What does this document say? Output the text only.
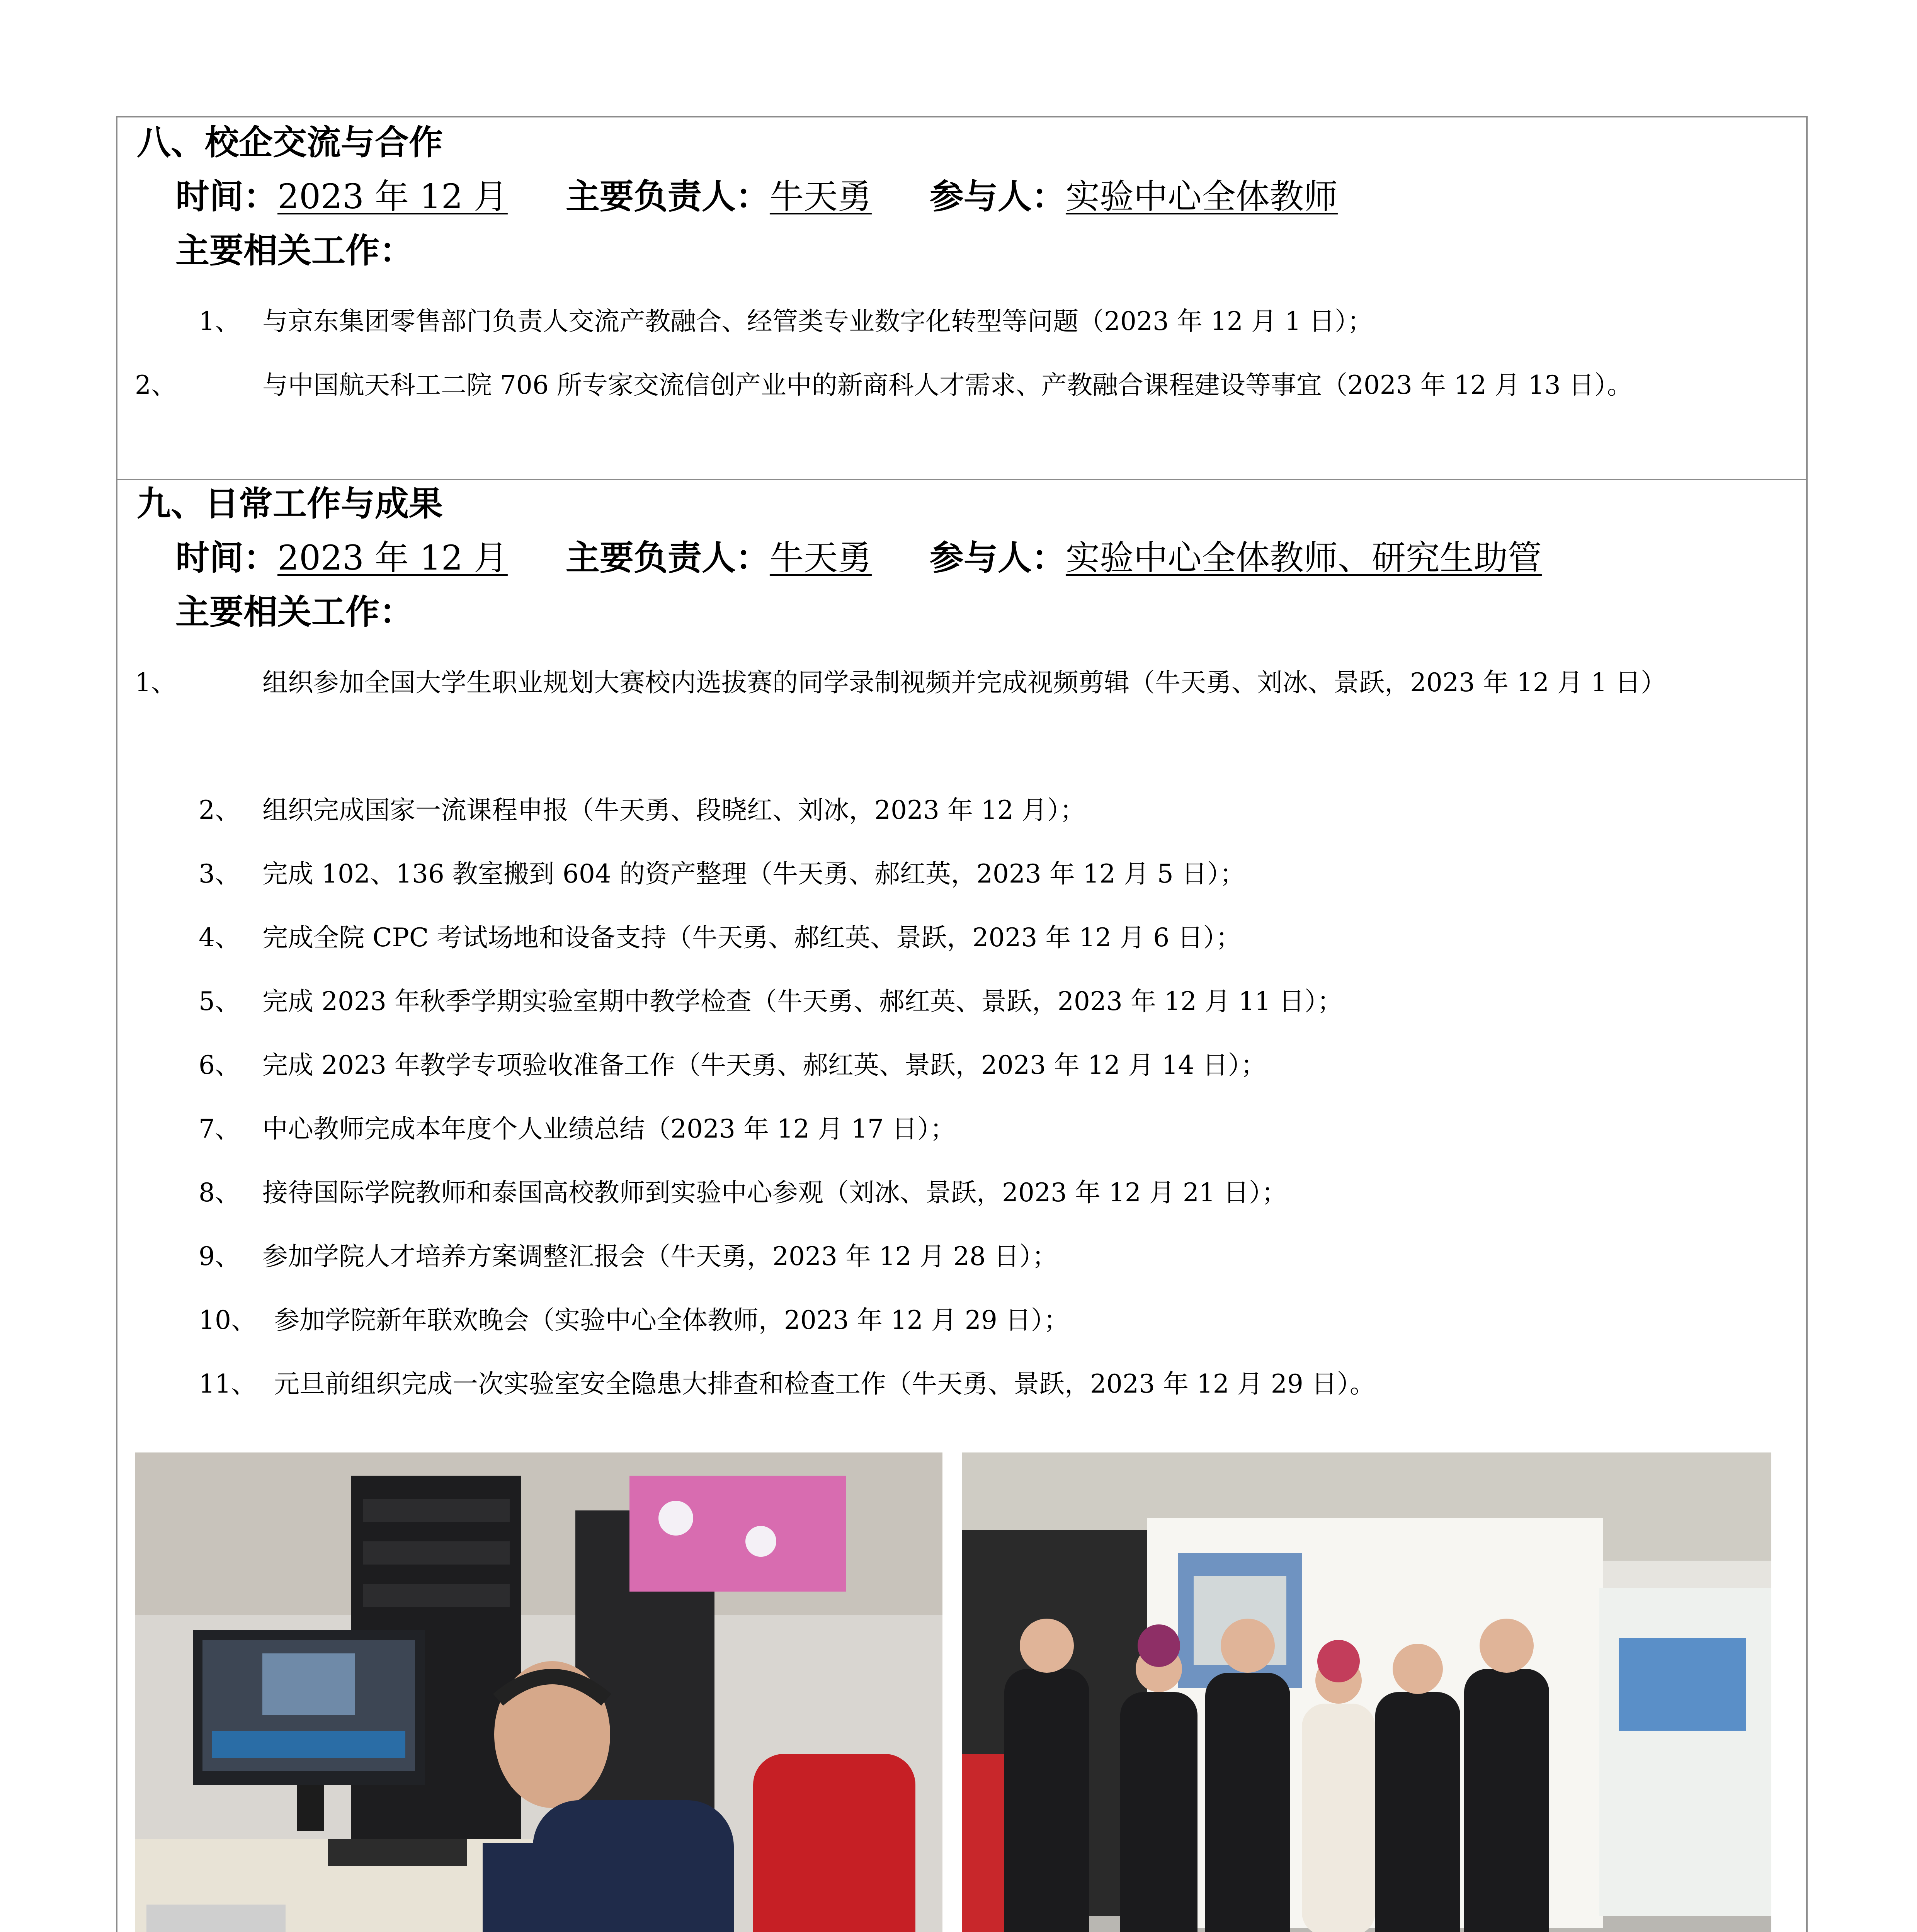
八、校企交流与合作
时间：2023 年 12 月 主要负责人：牛天勇 参与人：实验中心全体教师
主要相关工作：
1、 与京东集团零售部门负责人交流产教融合、经管类专业数字化转型等问题（2023 年 12 月 1 日）；
2、	与中国航天科工二院 706 所专家交流信创产业中的新商科人才需求、产教融合课程建设等事宜（2023 年 12 月 13 日）。
九、日常工作与成果
时间：2023 年 12 月 主要负责人：牛天勇 参与人：实验中心全体教师、研究生助管
主要相关工作：
1、	组织参加全国大学生职业规划大赛校内选拔赛的同学录制视频并完成视频剪辑（牛天勇、刘冰、景跃，2023 年 12 月 1 日）
2、 组织完成国家一流课程申报（牛天勇、段晓红、刘冰，2023 年 12 月）；
3、 完成 102、136 教室搬到 604 的资产整理（牛天勇、郝红英，2023 年 12 月 5 日）；
4、 完成全院 CPC 考试场地和设备支持（牛天勇、郝红英、景跃，2023 年 12 月 6 日）；
5、 完成 2023 年秋季学期实验室期中教学检查（牛天勇、郝红英、景跃，2023 年 12 月 11 日）；
6、 完成 2023 年教学专项验收准备工作（牛天勇、郝红英、景跃，2023 年 12 月 14 日）；
7、 中心教师完成本年度个人业绩总结（2023 年 12 月 17 日）；
8、 接待国际学院教师和泰国高校教师到实验中心参观（刘冰、景跃，2023 年 12 月 21 日）；
9、 参加学院人才培养方案调整汇报会（牛天勇，2023 年 12 月 28 日）；
10、 参加学院新年联欢晚会（实验中心全体教师，2023 年 12 月 29 日）；
11、 元旦前组织完成一次实验室安全隐患大排查和检查工作（牛天勇、景跃，2023 年 12 月 29 日）。
